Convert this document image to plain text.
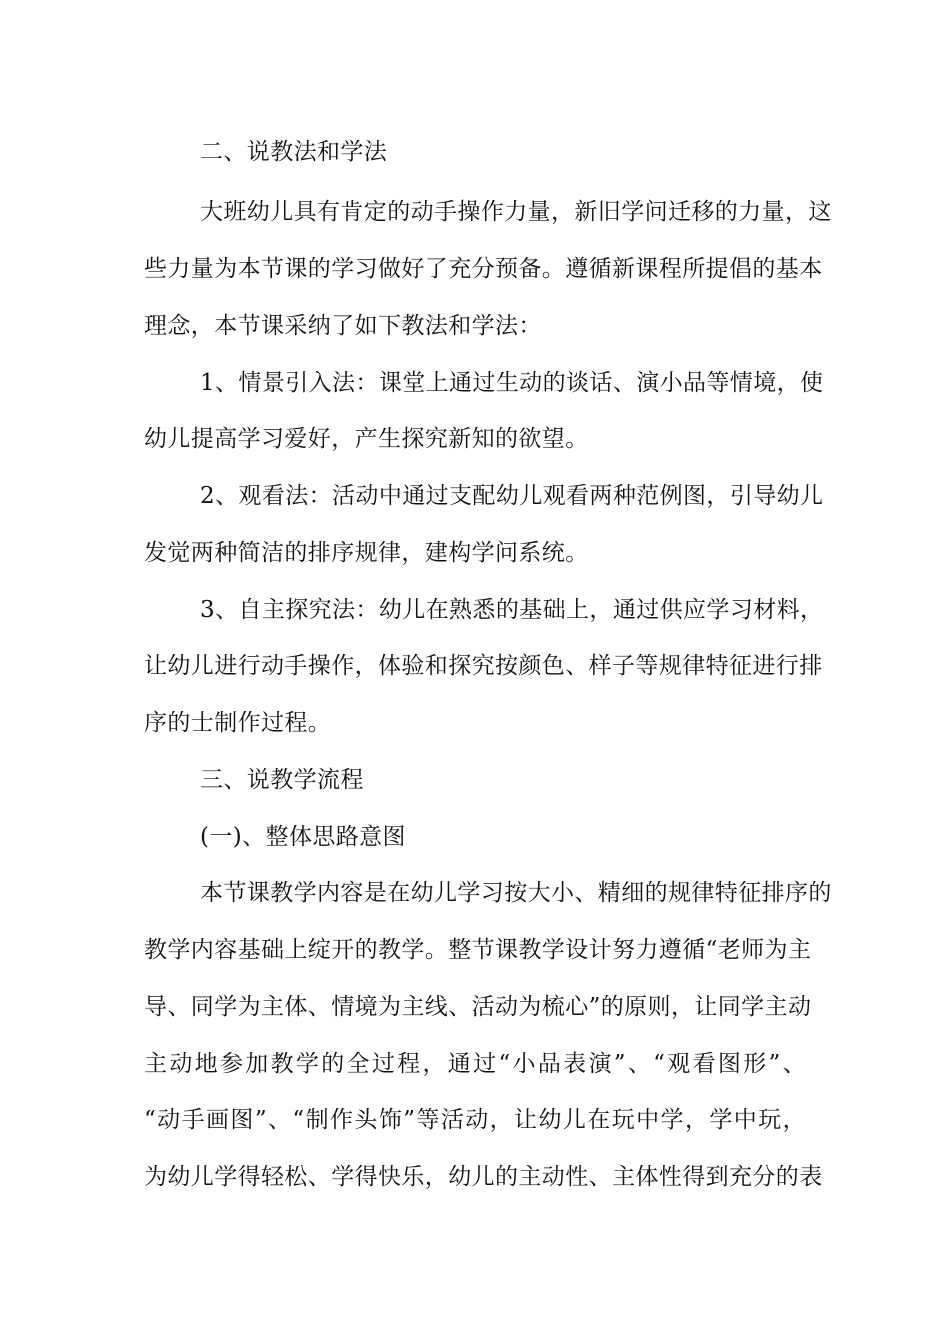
二、说教法和学法
大班幼儿具有肯定的动手操作力量，新旧学问迁移的力量，这
些力量为本节课的学习做好了充分预备。遵循新课程所提倡的基本
理念，本节课采纳了如下教法和学法：
1、情景引入法：课堂上通过生动的谈话、演小品等情境，使
幼儿提高学习爱好，产生探究新知的欲望。
2、观看法：活动中通过支配幼儿观看两种范例图，引导幼儿
发觉两种简洁的排序规律，建构学问系统。
3、自主探究法：幼儿在熟悉的基础上，通过供应学习材料，
让幼儿进行动手操作，体验和探究按颜色、样子等规律特征进行排
序的士制作过程。
三、说教学流程
(一)、整体思路意图
本节课教学内容是在幼儿学习按大小、精细的规律特征排序的
教学内容基础上绽开的教学。整节课教学设计努力遵循“老师为主
导、同学为主体、情境为主线、活动为梳心”的原则，让同学主动
主动地参加教学的全过程，通过“小品表演”、“观看图形”、
“动手画图”、“制作头饰”等活动，让幼儿在玩中学，学中玩，
为幼儿学得轻松、学得快乐，幼儿的主动性、主体性得到充分的表
